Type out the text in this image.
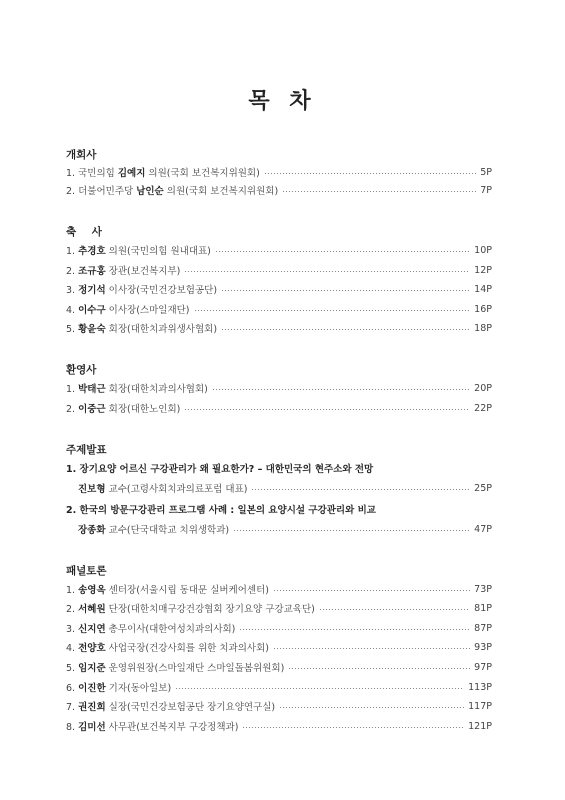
목 차
개회사
1. 국민의힘 김예지 의원(국회 보건복지위원회)	5P
2. 더불어민주당 남인순 의원(국회 보건복지위원회)	7P
축 사
1. 추경호 의원(국민의힘 원내대표)	10P
2. 조규홍 장관(보건복지부)	12P
3. 정기석 이사장(국민건강보험공단)	14P
4. 이수구 이사장(스마일재단)	16P
5. 황윤숙 회장(대한치과위생사협회)	18P
환영사
1. 박태근 회장(대한치과의사협회)	20P
2. 이중근 회장(대한노인회)	22P
주제발표
1. 장기요양 어르신 구강관리가 왜 필요한가? – 대한민국의 현주소와 전망
진보형 교수(고령사회치과의료포럼 대표)	25P
2. 한국의 방문구강관리 프로그램 사례 : 일본의 요양시설 구강관리와 비교
장종화 교수(단국대학교 치위생학과)	47P
패널토론
1. 송영옥 센터장(서울시립 동대문 실버케어센터)	73P
2. 서혜원 단장(대한치매구강건강협회 장기요양 구강교육단)	81P
3. 신지연 총무이사(대한여성치과의사회)	87P
4. 전양호 사업국장(건강사회를 위한 치과의사회)	93P
5. 임지준 운영위원장(스마일재단 스마일돌봄위원회)	97P
6. 이진한 기자(동아일보)	113P
7. 권진희 실장(국민건강보험공단 장기요양연구실)	117P
8. 김미선 사무관(보건복지부 구강정책과)	121P
